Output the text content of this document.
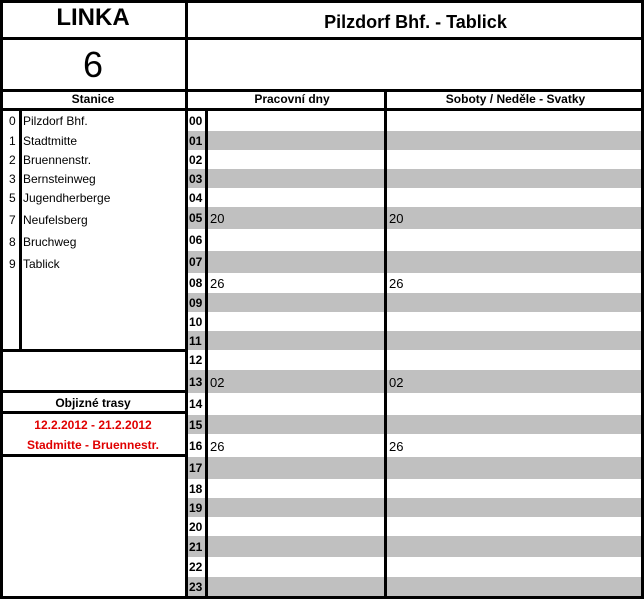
LINKA
6
Pilzdorf Bhf. - Tablick
Stanice	Pracovní dny	Soboty / Neděle - Svatky
0 Pilzdorf Bhf.
1 Stadtmitte
2 Bruennenstr.
3 Bernsteinweg
5 Jugendherberge
7 Neufelsberg
8 Bruchweg
9 Tablick
Objizné trasy
12.2.2012 - 21.2.2012
Stadmitte - Bruennestr.
00
01
02
03
04
05 20	20
06
07
08 26	26
09
10
11
12
13 02	02
14
15
16 26	26
17
18
19
20
21
22
23
